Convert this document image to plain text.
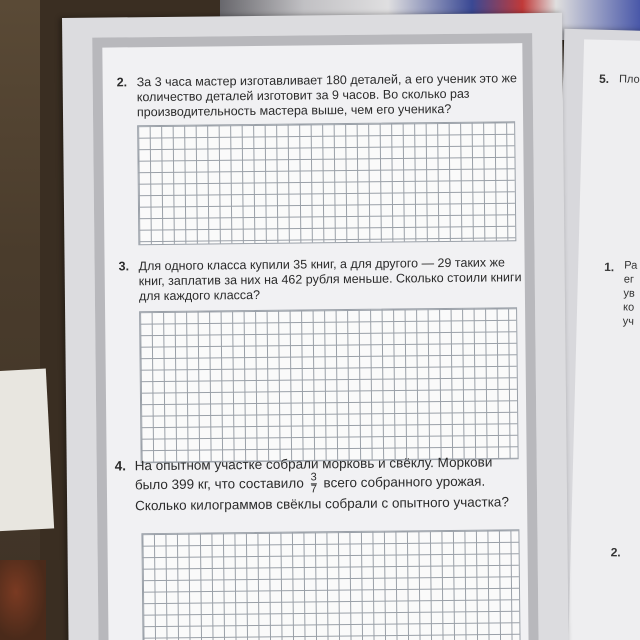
5. Пло
1. Ра ег ув ко уч
2.
2. За 3 часа мастер изготавливает 180 деталей, а его ученик это же количество деталей изготовит за 9 часов. Во сколько раз производительность мастера выше, чем его ученика?
3. Для одного класса купили 35 книг, а для другого — 29 таких же книг, заплатив за них на 462 рубля меньше. Сколько стоили книги для каждого класса?
4. На опытном участке собрали морковь и свёклу. Моркови было 399 кг, что составило $\frac{3}{7}$ всего собранного урожая. Сколько килограммов свёклы собрали с опытного участка?
